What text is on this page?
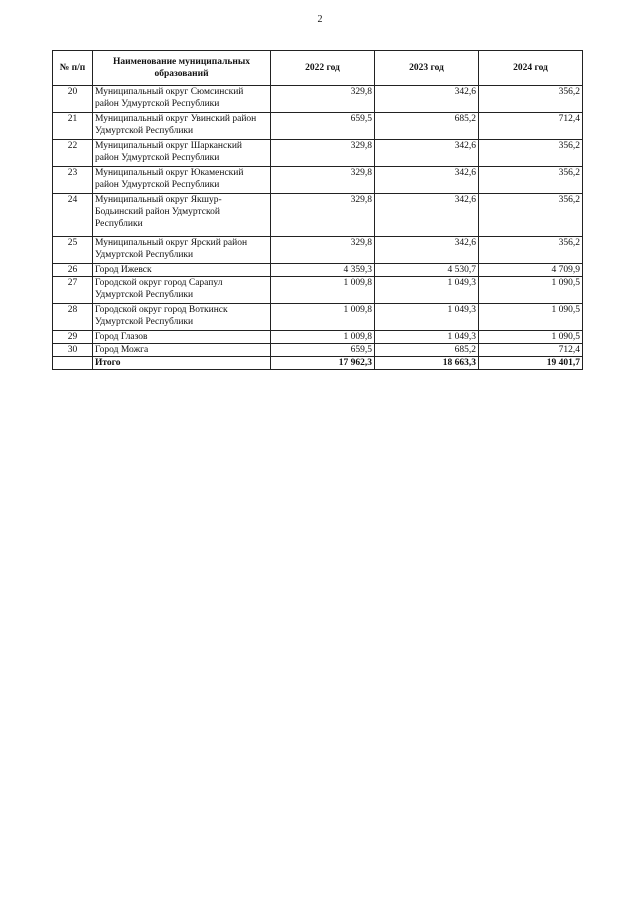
2
№ п/п	Наименование муниципальных образований	2022 год	2023 год	2024 год
20	Муниципальный округ Сюмсинский район Удмуртской Республики	329,8	342,6	356,2
21	Муниципальный округ Увинский район Удмуртской Республики	659,5	685,2	712,4
22	Муниципальный округ Шарканский район Удмуртской Республики	329,8	342,6	356,2
23	Муниципальный округ Юкаменский район Удмуртской Республики	329,8	342,6	356,2
24	Муниципальный округ Якшур-Бодьинский район Удмуртской Республики	329,8	342,6	356,2
25	Муниципальный округ Ярский район Удмуртской Республики	329,8	342,6	356,2
26	Город Ижевск	4 359,3	4 530,7	4 709,9
27	Городской округ город Сарапул Удмуртской Республики	1 009,8	1 049,3	1 090,5
28	Городской округ город Воткинск Удмуртской Республики	1 009,8	1 049,3	1 090,5
29	Город Глазов	1 009,8	1 049,3	1 090,5
30	Город Можга	659,5	685,2	712,4
	Итого	17 962,3	18 663,3	19 401,7
